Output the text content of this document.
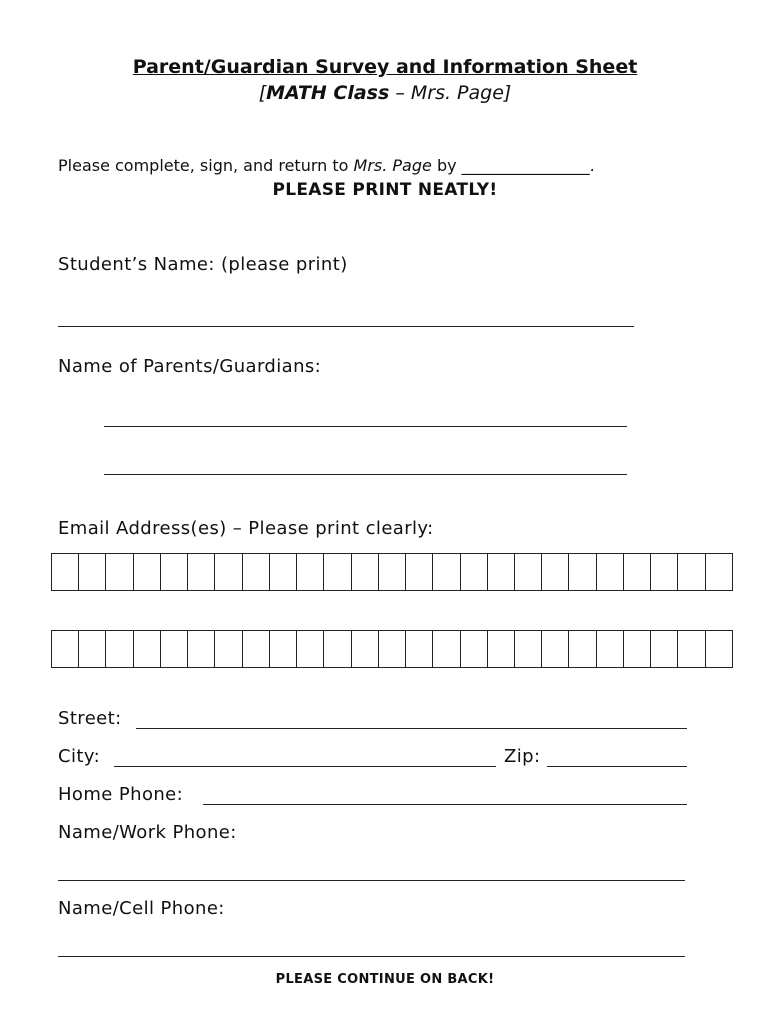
Parent/Guardian Survey and Information Sheet
[MATH Class – Mrs. Page]
Please complete, sign, and return to Mrs. Page by ________________.
PLEASE PRINT NEATLY!
Student’s Name: (please print)
Name of Parents/Guardians:
Email Address(es) – Please print clearly:
Street:
City:	Zip:
Home Phone:
Name/Work Phone:
Name/Cell Phone:
PLEASE CONTINUE ON BACK!
